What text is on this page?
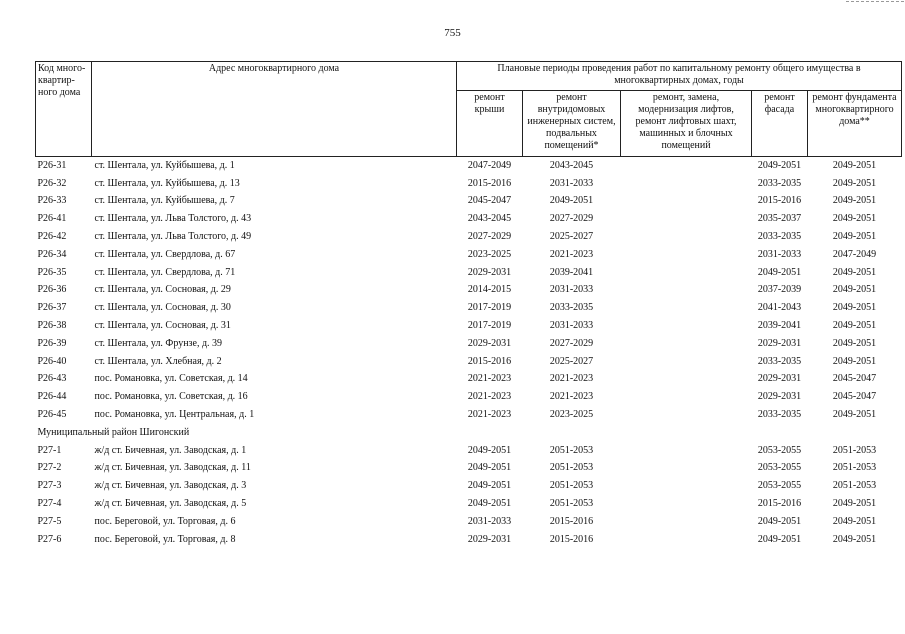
755
Код много-квартир-ного дома	Адрес многоквартирного дома	Плановые периоды проведения работ по капитальному ремонту общего имущества в многоквартирных домах, годы				
		ремонт крыши	ремонт внутридомовых инженерных систем, подвальных помещений*	ремонт, замена, модернизация лифтов, ремонт лифтовых шахт, машинных и блочных помещений	ремонт фасада	ремонт фундамента многоквартирного дома**
Р26-31	ст. Шентала, ул. Куйбышева, д. 1	2047-2049	2043-2045		2049-2051	2049-2051
Р26-32	ст. Шентала, ул. Куйбышева, д. 13	2015-2016	2031-2033		2033-2035	2049-2051
Р26-33	ст. Шентала, ул. Куйбышева, д. 7	2045-2047	2049-2051		2015-2016	2049-2051
Р26-41	ст. Шентала, ул. Льва Толстого, д. 43	2043-2045	2027-2029		2035-2037	2049-2051
Р26-42	ст. Шентала, ул. Льва Толстого, д. 49	2027-2029	2025-2027		2033-2035	2049-2051
Р26-34	ст. Шентала, ул. Свердлова, д. 67	2023-2025	2021-2023		2031-2033	2047-2049
Р26-35	ст. Шентала, ул. Свердлова, д. 71	2029-2031	2039-2041		2049-2051	2049-2051
Р26-36	ст. Шентала, ул. Сосновая, д. 29	2014-2015	2031-2033		2037-2039	2049-2051
Р26-37	ст. Шентала, ул. Сосновая, д. 30	2017-2019	2033-2035		2041-2043	2049-2051
Р26-38	ст. Шентала, ул. Сосновая, д. 31	2017-2019	2031-2033		2039-2041	2049-2051
Р26-39	ст. Шентала, ул. Фрунзе, д. 39	2029-2031	2027-2029		2029-2031	2049-2051
Р26-40	ст. Шентала, ул. Хлебная, д. 2	2015-2016	2025-2027		2033-2035	2049-2051
Р26-43	пос. Романовка, ул. Советская, д. 14	2021-2023	2021-2023		2029-2031	2045-2047
Р26-44	пос. Романовка, ул. Советская, д. 16	2021-2023	2021-2023		2029-2031	2045-2047
Р26-45	пос. Романовка, ул. Центральная, д. 1	2021-2023	2023-2025		2033-2035	2049-2051
Муниципальный район Шигонский						
Р27-1	ж/д ст. Бичевная, ул. Заводская, д. 1	2049-2051	2051-2053		2053-2055	2051-2053
Р27-2	ж/д ст. Бичевная, ул. Заводская, д. 11	2049-2051	2051-2053		2053-2055	2051-2053
Р27-3	ж/д ст. Бичевная, ул. Заводская, д. 3	2049-2051	2051-2053		2053-2055	2051-2053
Р27-4	ж/д ст. Бичевная, ул. Заводская, д. 5	2049-2051	2051-2053		2015-2016	2049-2051
Р27-5	пос. Береговой, ул. Торговая, д. 6	2031-2033	2015-2016		2049-2051	2049-2051
Р27-6	пос. Береговой, ул. Торговая, д. 8	2029-2031	2015-2016		2049-2051	2049-2051
